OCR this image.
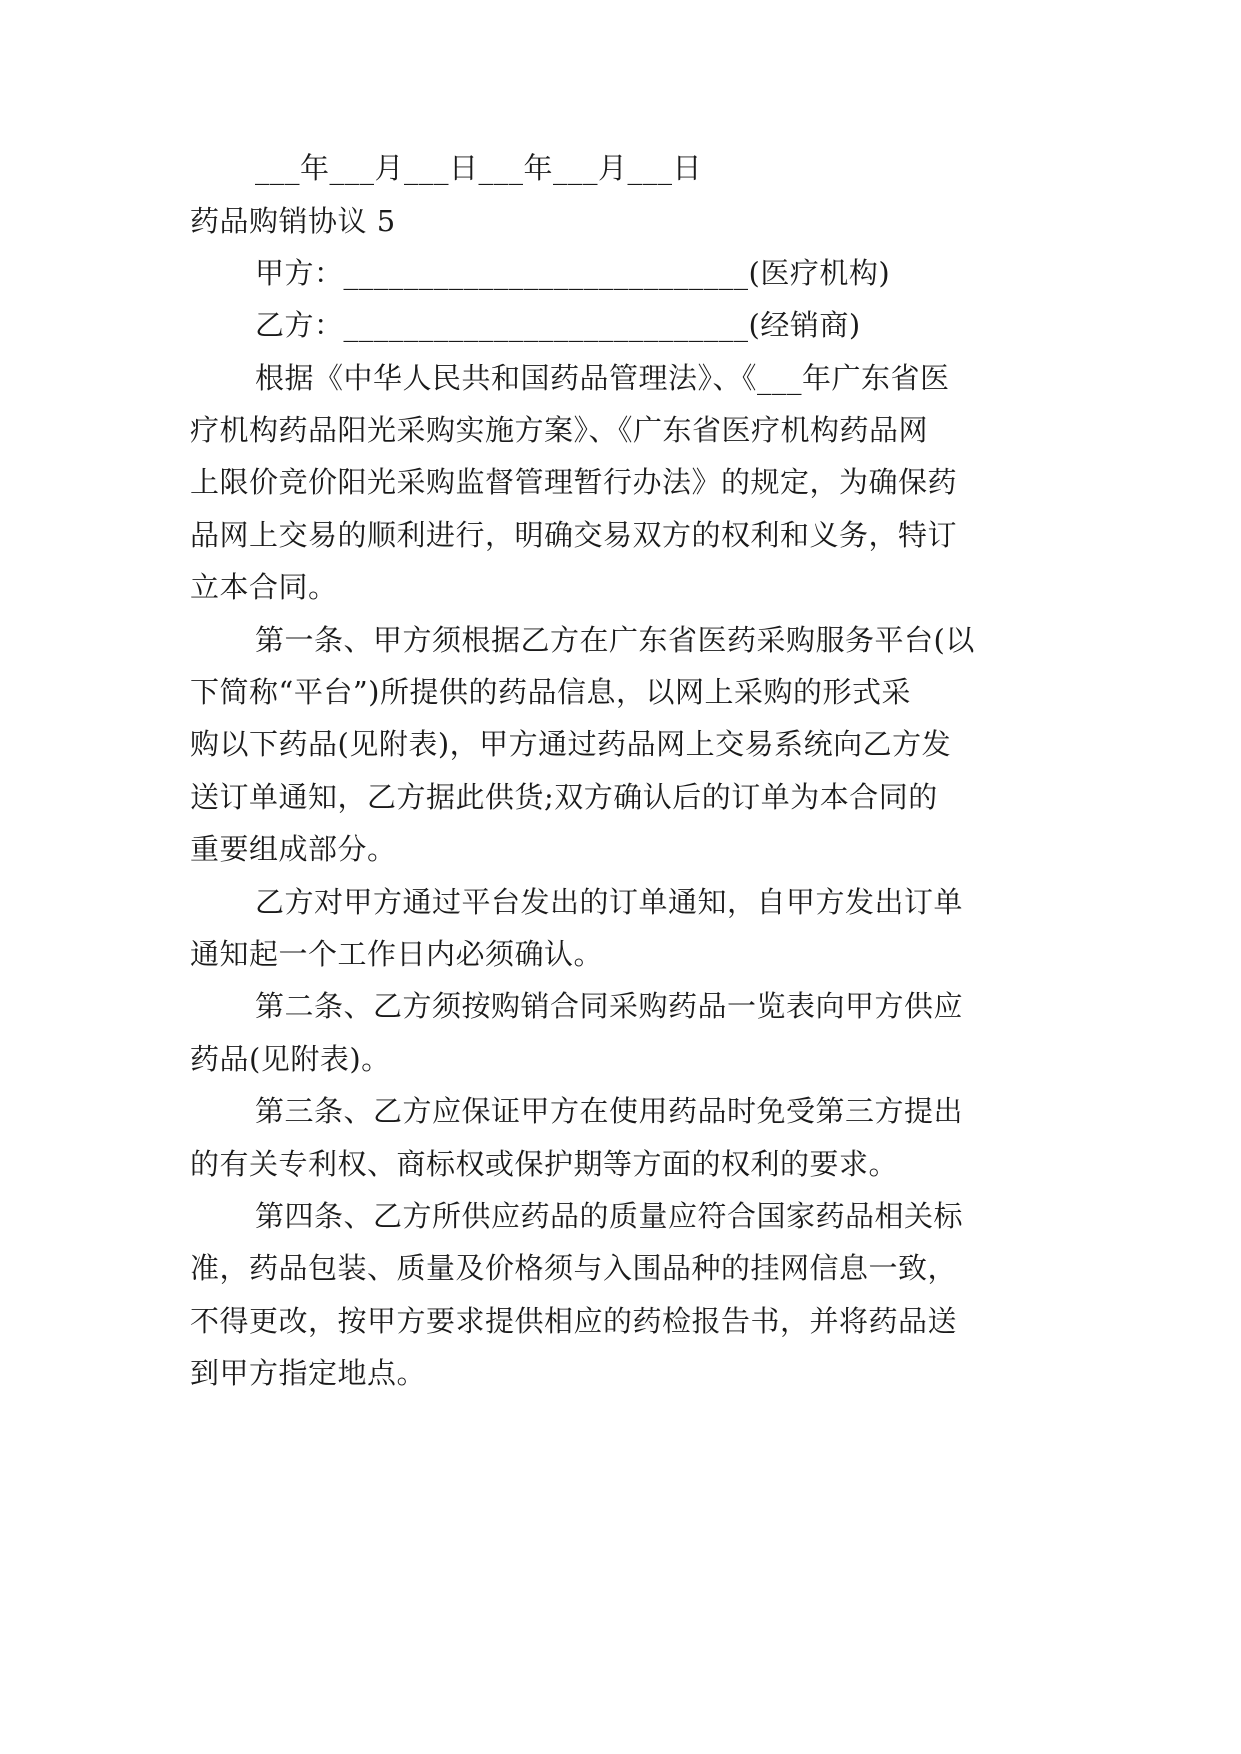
___年___月___日___年___月___日
药品购销协议 5
甲方：___________________________(医疗机构)
乙方：___________________________(经销商)
根据《中华人民共和国药品管理法》、《___年广东省医
疗机构药品阳光采购实施方案》、《广东省医疗机构药品网
上限价竞价阳光采购监督管理暂行办法》的规定，为确保药
品网上交易的顺利进行，明确交易双方的权利和义务，特订
立本合同。
第一条、甲方须根据乙方在广东省医药采购服务平台(以
下简称“平台”)所提供的药品信息，以网上采购的形式采
购以下药品(见附表)，甲方通过药品网上交易系统向乙方发
送订单通知，乙方据此供货;双方确认后的订单为本合同的
重要组成部分。
乙方对甲方通过平台发出的订单通知，自甲方发出订单
通知起一个工作日内必须确认。
第二条、乙方须按购销合同采购药品一览表向甲方供应
药品(见附表)。
第三条、乙方应保证甲方在使用药品时免受第三方提出
的有关专利权、商标权或保护期等方面的权利的要求。
第四条、乙方所供应药品的质量应符合国家药品相关标
准，药品包装、质量及价格须与入围品种的挂网信息一致，
不得更改，按甲方要求提供相应的药检报告书，并将药品送
到甲方指定地点。
